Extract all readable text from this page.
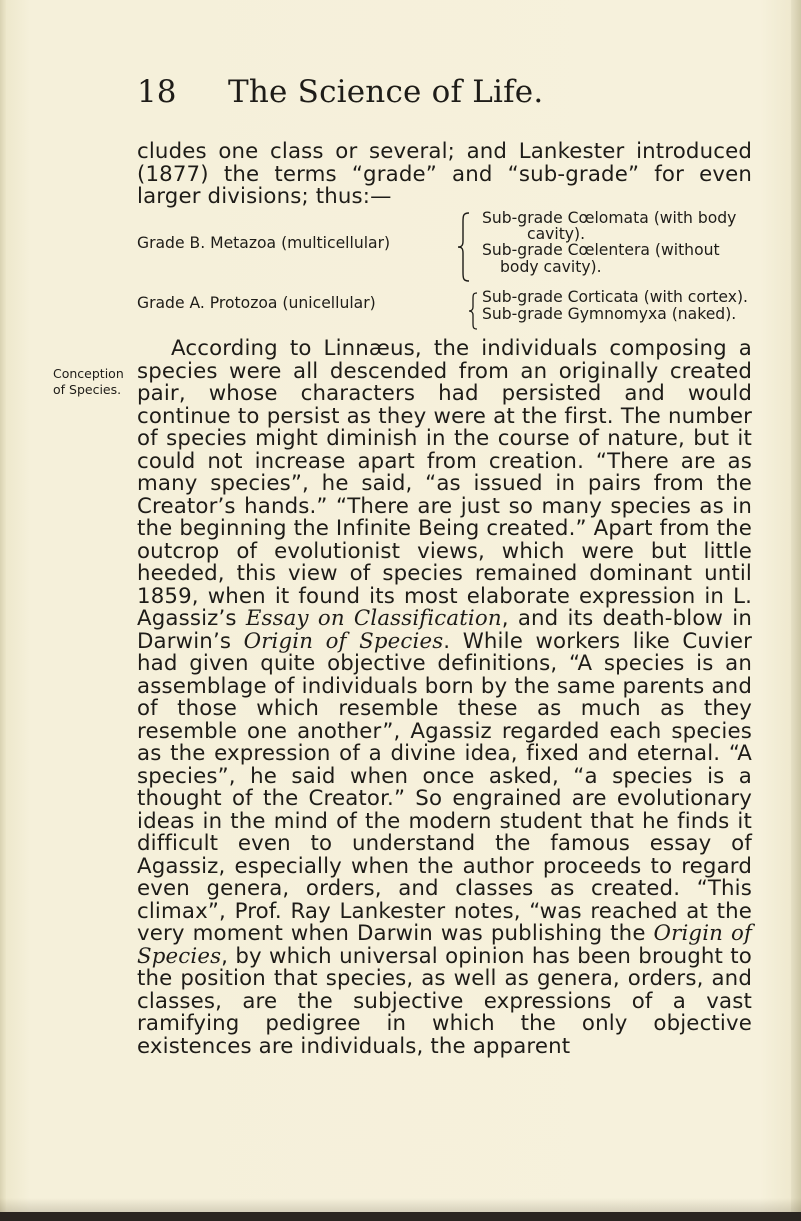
18 The Science of Life.
cludes one class or several; and Lankester introduced (1877) the terms “grade” and “sub-grade” for even larger divisions; thus:—
Grade B. Metazoa (multicellular)
Sub-grade Cœlomata (with body
cavity).
Sub-grade Cœlentera (without
body cavity).
Grade A. Protozoa (unicellular)	Sub-grade Corticata (with cortex).
Sub-grade Gymnomyxa (naked).
Conception
of Species.
According to Linnæus, the individuals composing a species were all descended from an originally created pair, whose characters had persisted and would continue to persist as they were at the first. The number of species might diminish in the course of nature, but it could not increase apart from creation. “There are as many species”, he said, “as issued in pairs from the Creator’s hands.” “There are just so many species as in the beginning the Infinite Being created.” Apart from the outcrop of evolutionist views, which were but little heeded, this view of species remained dominant until 1859, when it found its most elaborate expression in L. Agassiz’s Essay on Classification, and its death-blow in Darwin’s Origin of Species. While workers like Cuvier had given quite objective definitions, “A species is an assemblage of individuals born by the same parents and of those which resemble these as much as they resemble one another”, Agassiz regarded each species as the expression of a divine idea, fixed and eternal. “A species”, he said when once asked, “a species is a thought of the Creator.” So engrained are evolutionary ideas in the mind of the modern student that he finds it difficult even to understand the famous essay of Agassiz, especially when the author proceeds to regard even genera, orders, and classes as created. “This climax”, Prof. Ray Lankester notes, “was reached at the very moment when Darwin was publishing the Origin of Species, by which universal opinion has been brought to the position that species, as well as genera, orders, and classes, are the subjective expressions of a vast ramifying pedigree in which the only objective existences are individuals, the apparent
